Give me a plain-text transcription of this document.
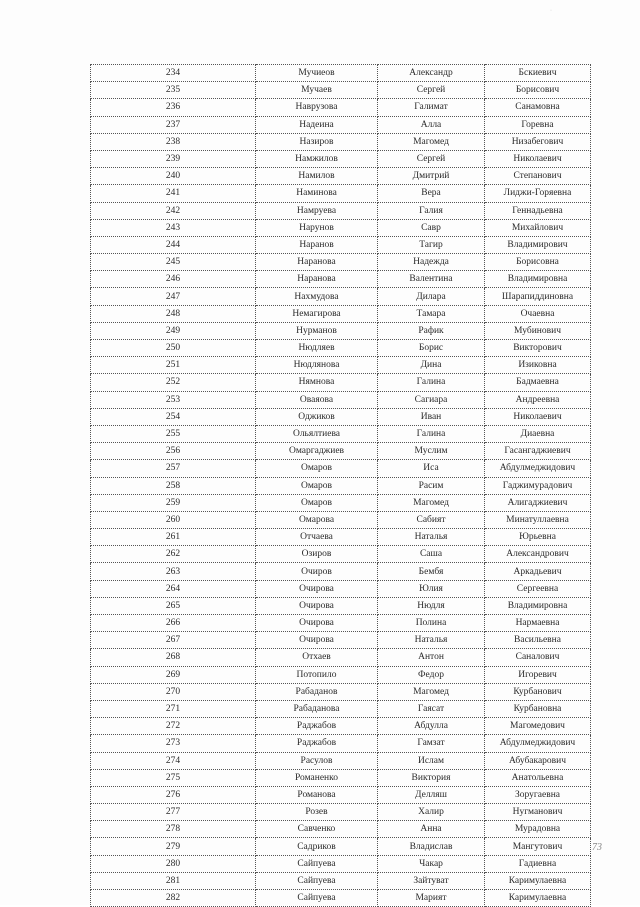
·
234	Мучиеов	Александр	Бскиевич
235	Мучаев	Сергей	Борисович
236	Наврузова	Галимат	Санамовна
237	Надеина	Алла	Горевна
238	Назиров	Магомед	Низабегович
239	Намжилов	Сергей	Николаевич
240	Намилов	Дмитрий	Степанович
241	Наминова	Вера	Лиджи-Горяевна
242	Намруева	Галия	Геннадьевна
243	Нарунов	Савр	Михайлович
244	Наранов	Тагир	Владимирович
245	Наранова	Надежда	Борисовна
246	Наранова	Валентина	Владимировна
247	Нахмудова	Дилара	Шарапиддиновна
248	Немагирова	Тамара	Очаевна
249	Нурманов	Рафик	Мубинович
250	Нюдляев	Борис	Викторович
251	Нюдлянова	Дина	Изиковна
252	Нямнова	Галина	Бадмаевна
253	Оваяова	Сагиара	Андреевна
254	Оджиков	Иван	Николаевич
255	Ольялтиева	Галина	Диаевна
256	Омаргаджиев	Муслим	Гасангаджиевич
257	Омаров	Иса	Абдулмеджидович
258	Омаров	Расим	Гаджимурадович
259	Омаров	Магомед	Алигаджиевич
260	Омарова	Сабият	Минатуллаевна
261	Отчаева	Наталья	Юрьевна
262	Озиров	Саша	Александрович
263	Очиров	Бембя	Аркадьевич
264	Очирова	Юлия	Сергеевна
265	Очирова	Нюдля	Владимировна
266	Очирова	Полина	Нармаевна
267	Очирова	Наталья	Васильевна
268	Отхаев	Антон	Саналович
269	Потопило	Федор	Игоревич
270	Рабаданов	Магомед	Курбанович
271	Рабаданова	Гаясат	Курбановна
272	Раджабов	Абдулла	Магомедович
273	Раджабов	Гамзат	Абдулмеджидович
274	Расулов	Ислам	Абубакарович
275	Романенко	Виктория	Анатольевна
276	Романова	Делляш	Зоругаевна
277	Розев	Халир	Нугманович
278	Савченко	Анна	Мурадовна
279	Садриков	Владислав	Мангутович
280	Сайпуева	Чакар	Гадиевна
281	Сайпуева	Зайтуват	Каримулаевна
282	Сайпуева	Марият	Каримулаевна
73
